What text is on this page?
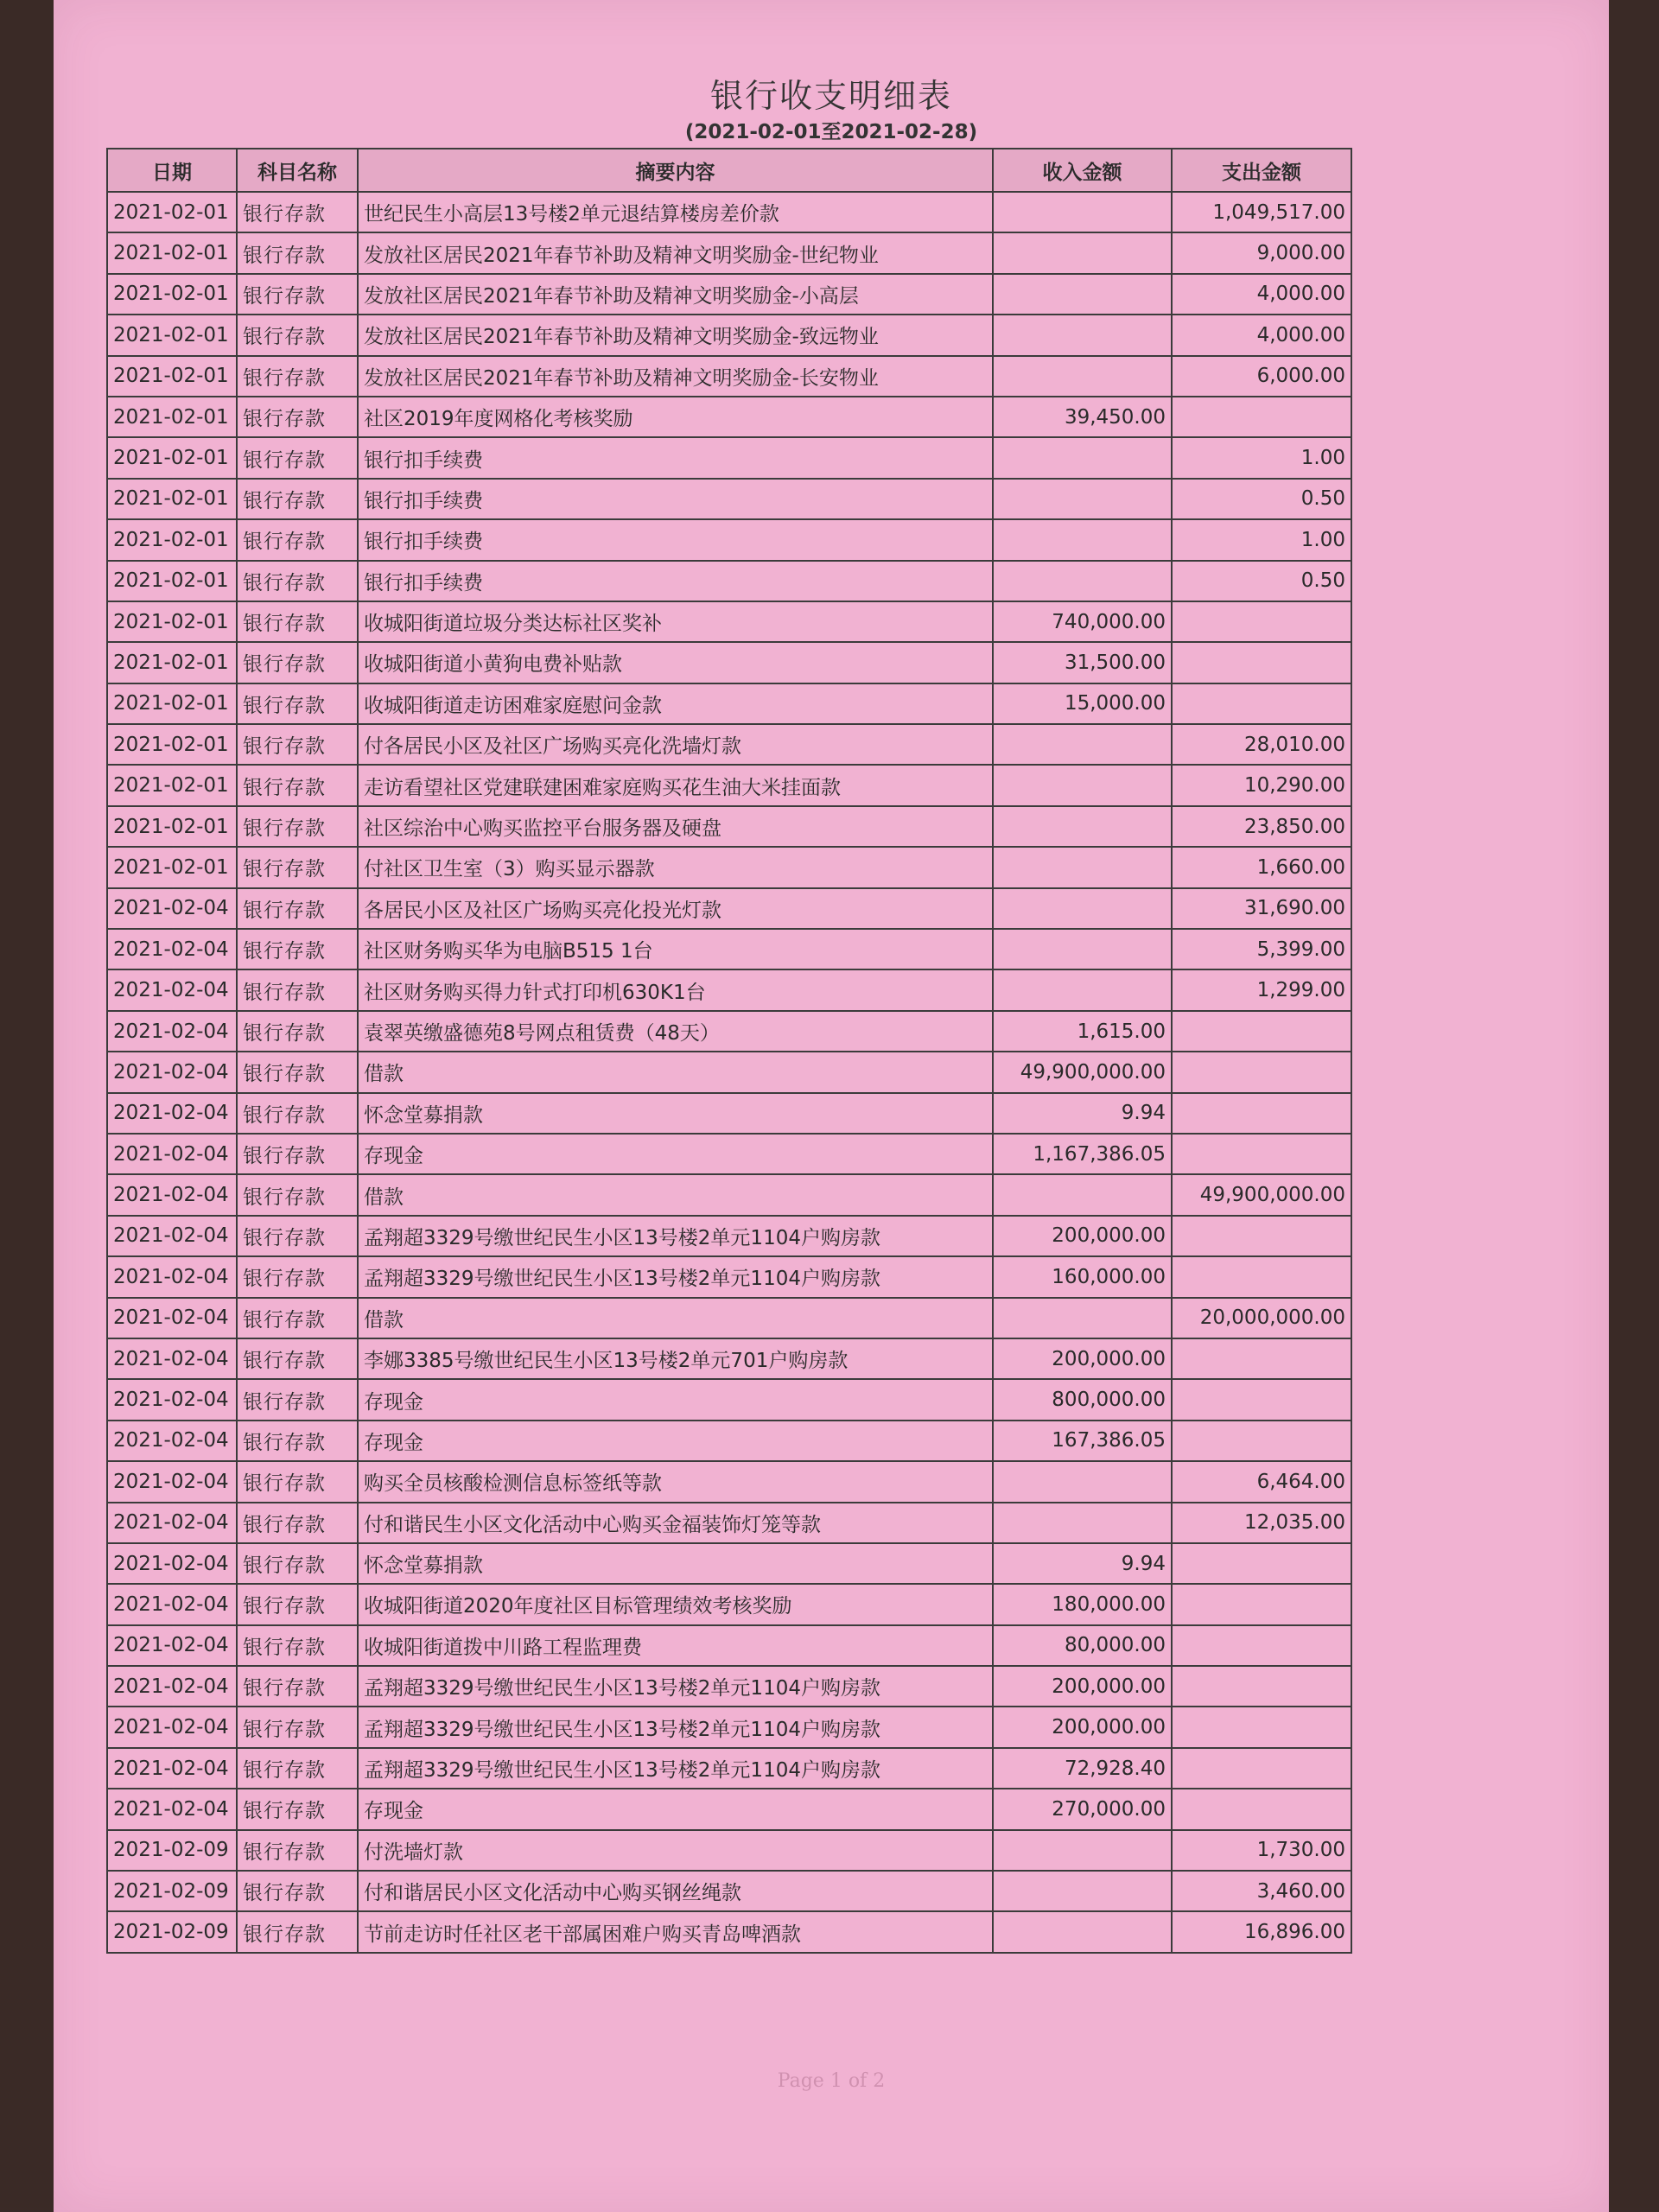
银行收支明细表
(2021-02-01至2021-02-28)
日期	科目名称	摘要内容	收入金额	支出金额
2021-02-01	银行存款	世纪民生小高层13号楼2单元退结算楼房差价款		1,049,517.00
2021-02-01	银行存款	发放社区居民2021年春节补助及精神文明奖励金-世纪物业		9,000.00
2021-02-01	银行存款	发放社区居民2021年春节补助及精神文明奖励金-小高层		4,000.00
2021-02-01	银行存款	发放社区居民2021年春节补助及精神文明奖励金-致远物业		4,000.00
2021-02-01	银行存款	发放社区居民2021年春节补助及精神文明奖励金-长安物业		6,000.00
2021-02-01	银行存款	社区2019年度网格化考核奖励	39,450.00	
2021-02-01	银行存款	银行扣手续费		1.00
2021-02-01	银行存款	银行扣手续费		0.50
2021-02-01	银行存款	银行扣手续费		1.00
2021-02-01	银行存款	银行扣手续费		0.50
2021-02-01	银行存款	收城阳街道垃圾分类达标社区奖补	740,000.00	
2021-02-01	银行存款	收城阳街道小黄狗电费补贴款	31,500.00	
2021-02-01	银行存款	收城阳街道走访困难家庭慰问金款	15,000.00	
2021-02-01	银行存款	付各居民小区及社区广场购买亮化洗墙灯款		28,010.00
2021-02-01	银行存款	走访看望社区党建联建困难家庭购买花生油大米挂面款		10,290.00
2021-02-01	银行存款	社区综治中心购买监控平台服务器及硬盘		23,850.00
2021-02-01	银行存款	付社区卫生室（3）购买显示器款		1,660.00
2021-02-04	银行存款	各居民小区及社区广场购买亮化投光灯款		31,690.00
2021-02-04	银行存款	社区财务购买华为电脑B515 1台		5,399.00
2021-02-04	银行存款	社区财务购买得力针式打印机630K1台		1,299.00
2021-02-04	银行存款	袁翠英缴盛德苑8号网点租赁费（48天）	1,615.00	
2021-02-04	银行存款	借款	49,900,000.00	
2021-02-04	银行存款	怀念堂募捐款	9.94	
2021-02-04	银行存款	存现金	1,167,386.05	
2021-02-04	银行存款	借款		49,900,000.00
2021-02-04	银行存款	孟翔超3329号缴世纪民生小区13号楼2单元1104户购房款	200,000.00	
2021-02-04	银行存款	孟翔超3329号缴世纪民生小区13号楼2单元1104户购房款	160,000.00	
2021-02-04	银行存款	借款		20,000,000.00
2021-02-04	银行存款	李娜3385号缴世纪民生小区13号楼2单元701户购房款	200,000.00	
2021-02-04	银行存款	存现金	800,000.00	
2021-02-04	银行存款	存现金	167,386.05	
2021-02-04	银行存款	购买全员核酸检测信息标签纸等款		6,464.00
2021-02-04	银行存款	付和谐民生小区文化活动中心购买金福装饰灯笼等款		12,035.00
2021-02-04	银行存款	怀念堂募捐款	9.94	
2021-02-04	银行存款	收城阳街道2020年度社区目标管理绩效考核奖励	180,000.00	
2021-02-04	银行存款	收城阳街道拨中川路工程监理费	80,000.00	
2021-02-04	银行存款	孟翔超3329号缴世纪民生小区13号楼2单元1104户购房款	200,000.00	
2021-02-04	银行存款	孟翔超3329号缴世纪民生小区13号楼2单元1104户购房款	200,000.00	
2021-02-04	银行存款	孟翔超3329号缴世纪民生小区13号楼2单元1104户购房款	72,928.40	
2021-02-04	银行存款	存现金	270,000.00	
2021-02-09	银行存款	付洗墙灯款		1,730.00
2021-02-09	银行存款	付和谐居民小区文化活动中心购买钢丝绳款		3,460.00
2021-02-09	银行存款	节前走访时任社区老干部属困难户购买青岛啤酒款		16,896.00
Page 1 of 2
